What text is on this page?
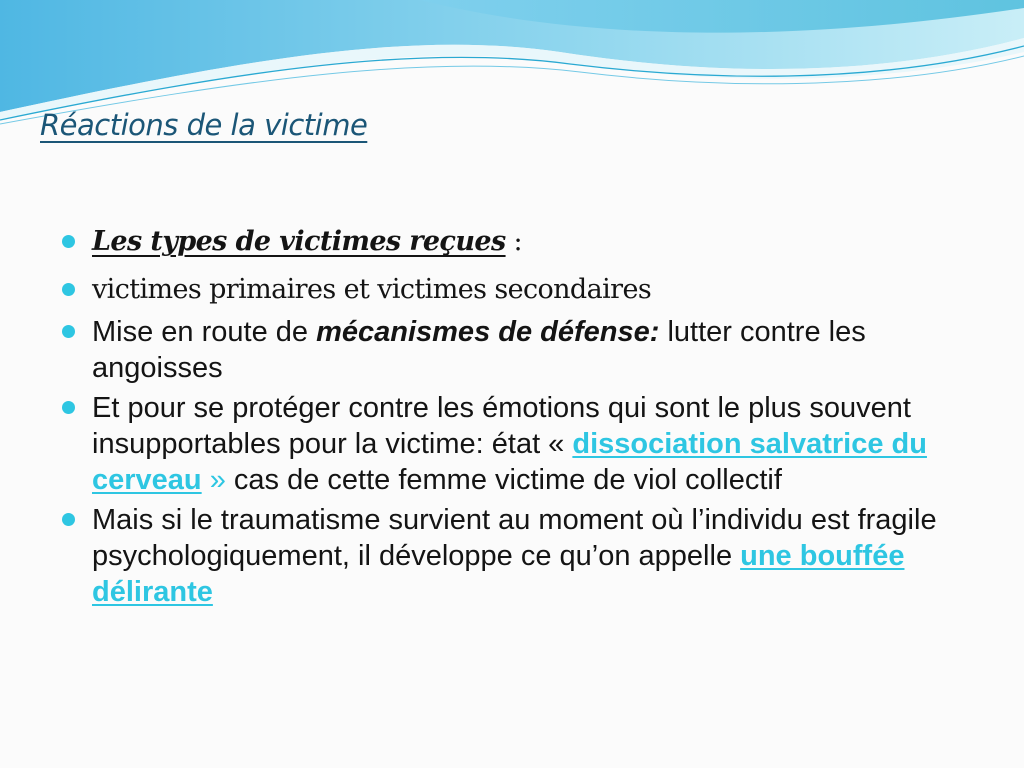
Réactions de la victime
Les types de victimes reçues :
victimes primaires et victimes secondaires
Mise en route de mécanismes de défense: lutter contre les angoisses
Et pour se protéger contre les émotions qui sont le plus souvent insupportables pour la victime: état « dissociation salvatrice du cerveau » cas de cette femme victime de viol collectif
Mais si le traumatisme survient au moment où l’individu est fragile psychologiquement, il développe ce qu’on appelle une bouffée délirante
